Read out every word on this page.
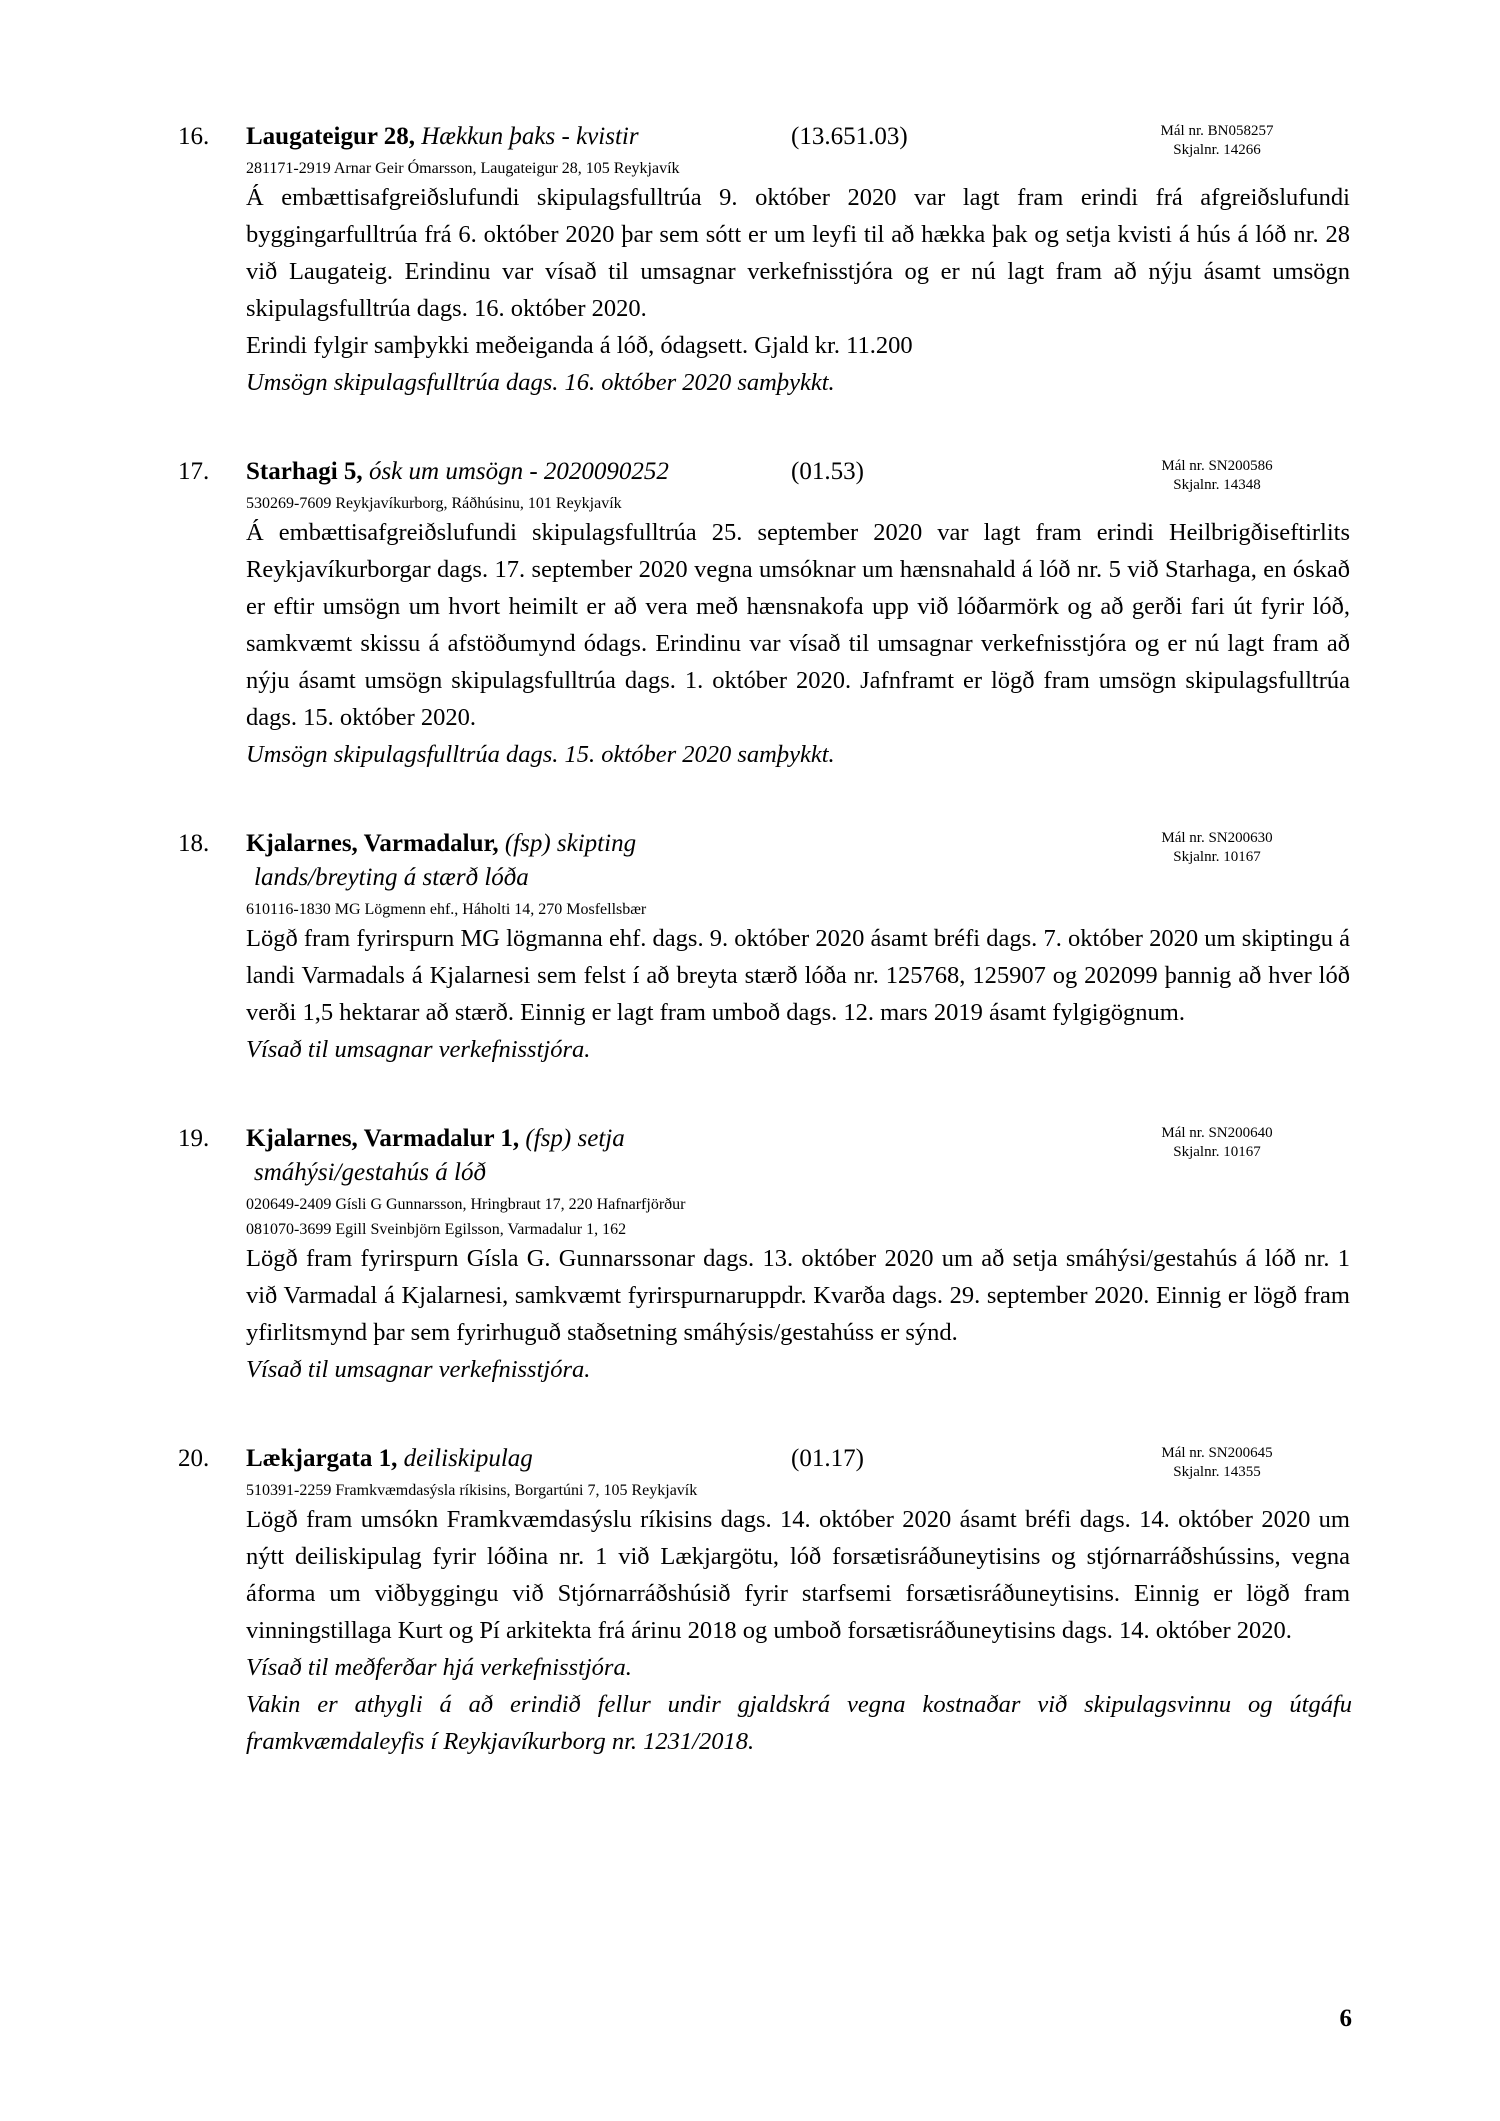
16.	Laugateigur 28, Hækkun þaks - kvistir	(13.651.03)	Mál nr. BN058257
Skjalnr. 14266
281171-2919 Arnar Geir Ómarsson, Laugateigur 28, 105 Reykjavík
Á embættisafgreiðslufundi skipulagsfulltrúa 9. október 2020 var lagt fram erindi frá afgreiðslufundi byggingarfulltrúa frá 6. október 2020 þar sem sótt er um leyfi til að hækka þak og setja kvisti á hús á lóð nr. 28 við Laugateig. Erindinu var vísað til umsagnar verkefnisstjóra og er nú lagt fram að nýju ásamt umsögn skipulagsfulltrúa dags. 16. október 2020.
Erindi fylgir samþykki meðeiganda á lóð, ódagsett. Gjald kr. 11.200
Umsögn skipulagsfulltrúa dags. 16. október 2020 samþykkt.
17.	Starhagi 5, ósk um umsögn - 2020090252	(01.53)	Mál nr. SN200586
Skjalnr. 14348
530269-7609 Reykjavíkurborg, Ráðhúsinu, 101 Reykjavík
Á embættisafgreiðslufundi skipulagsfulltrúa 25. september 2020 var lagt fram erindi Heilbrigðiseftirlits Reykjavíkurborgar dags. 17. september 2020 vegna umsóknar um hænsnahald á lóð nr. 5 við Starhaga, en óskað er eftir umsögn um hvort heimilt er að vera með hænsnakofa upp við lóðarmörk og að gerði fari út fyrir lóð, samkvæmt skissu á afstöðumynd ódags. Erindinu var vísað til umsagnar verkefnisstjóra og er nú lagt fram að nýju ásamt umsögn skipulagsfulltrúa dags. 1. október 2020. Jafnframt er lögð fram umsögn skipulagsfulltrúa dags. 15. október 2020.
Umsögn skipulagsfulltrúa dags. 15. október 2020 samþykkt.
18.	Kjalarnes, Varmadalur, (fsp) skipting	Mál nr. SN200630
Skjalnr. 10167
lands/breyting á stærð lóða
610116-1830 MG Lögmenn ehf., Háholti 14, 270 Mosfellsbær
Lögð fram fyrirspurn MG lögmanna ehf. dags. 9. október 2020 ásamt bréfi dags. 7. október 2020 um skiptingu á landi Varmadals á Kjalarnesi sem felst í að breyta stærð lóða nr. 125768, 125907 og 202099 þannig að hver lóð verði 1,5 hektarar að stærð. Einnig er lagt fram umboð dags. 12. mars 2019 ásamt fylgigögnum.
Vísað til umsagnar verkefnisstjóra.
19.	Kjalarnes, Varmadalur 1, (fsp) setja	Mál nr. SN200640
Skjalnr. 10167
smáhýsi/gestahús á lóð
020649-2409 Gísli G Gunnarsson, Hringbraut 17, 220 Hafnarfjörður
081070-3699 Egill Sveinbjörn Egilsson, Varmadalur 1, 162
Lögð fram fyrirspurn Gísla G. Gunnarssonar dags. 13. október 2020 um að setja smáhýsi/gestahús á lóð nr. 1 við Varmadal á Kjalarnesi, samkvæmt fyrirspurnaruppdr. Kvarða dags. 29. september 2020. Einnig er lögð fram yfirlitsmynd þar sem fyrirhuguð staðsetning smáhýsis/gestahúss er sýnd.
Vísað til umsagnar verkefnisstjóra.
20.	Lækjargata 1, deiliskipulag	(01.17)	Mál nr. SN200645
Skjalnr. 14355
510391-2259 Framkvæmdasýsla ríkisins, Borgartúni 7, 105 Reykjavík
Lögð fram umsókn Framkvæmdasýslu ríkisins dags. 14. október 2020 ásamt bréfi dags. 14. október 2020 um nýtt deiliskipulag fyrir lóðina nr. 1 við Lækjargötu, lóð forsætisráðuneytisins og stjórnarráðshússins, vegna áforma um viðbyggingu við Stjórnarráðshúsið fyrir starfsemi forsætisráðuneytisins. Einnig er lögð fram vinningstillaga Kurt og Pí arkitekta frá árinu 2018 og umboð forsætisráðuneytisins dags. 14. október 2020.
Vísað til meðferðar hjá verkefnisstjóra.
Vakin er athygli á að erindið fellur undir gjaldskrá vegna kostnaðar við skipulagsvinnu og útgáfu framkvæmdaleyfis í Reykjavíkurborg nr. 1231/2018.
6
